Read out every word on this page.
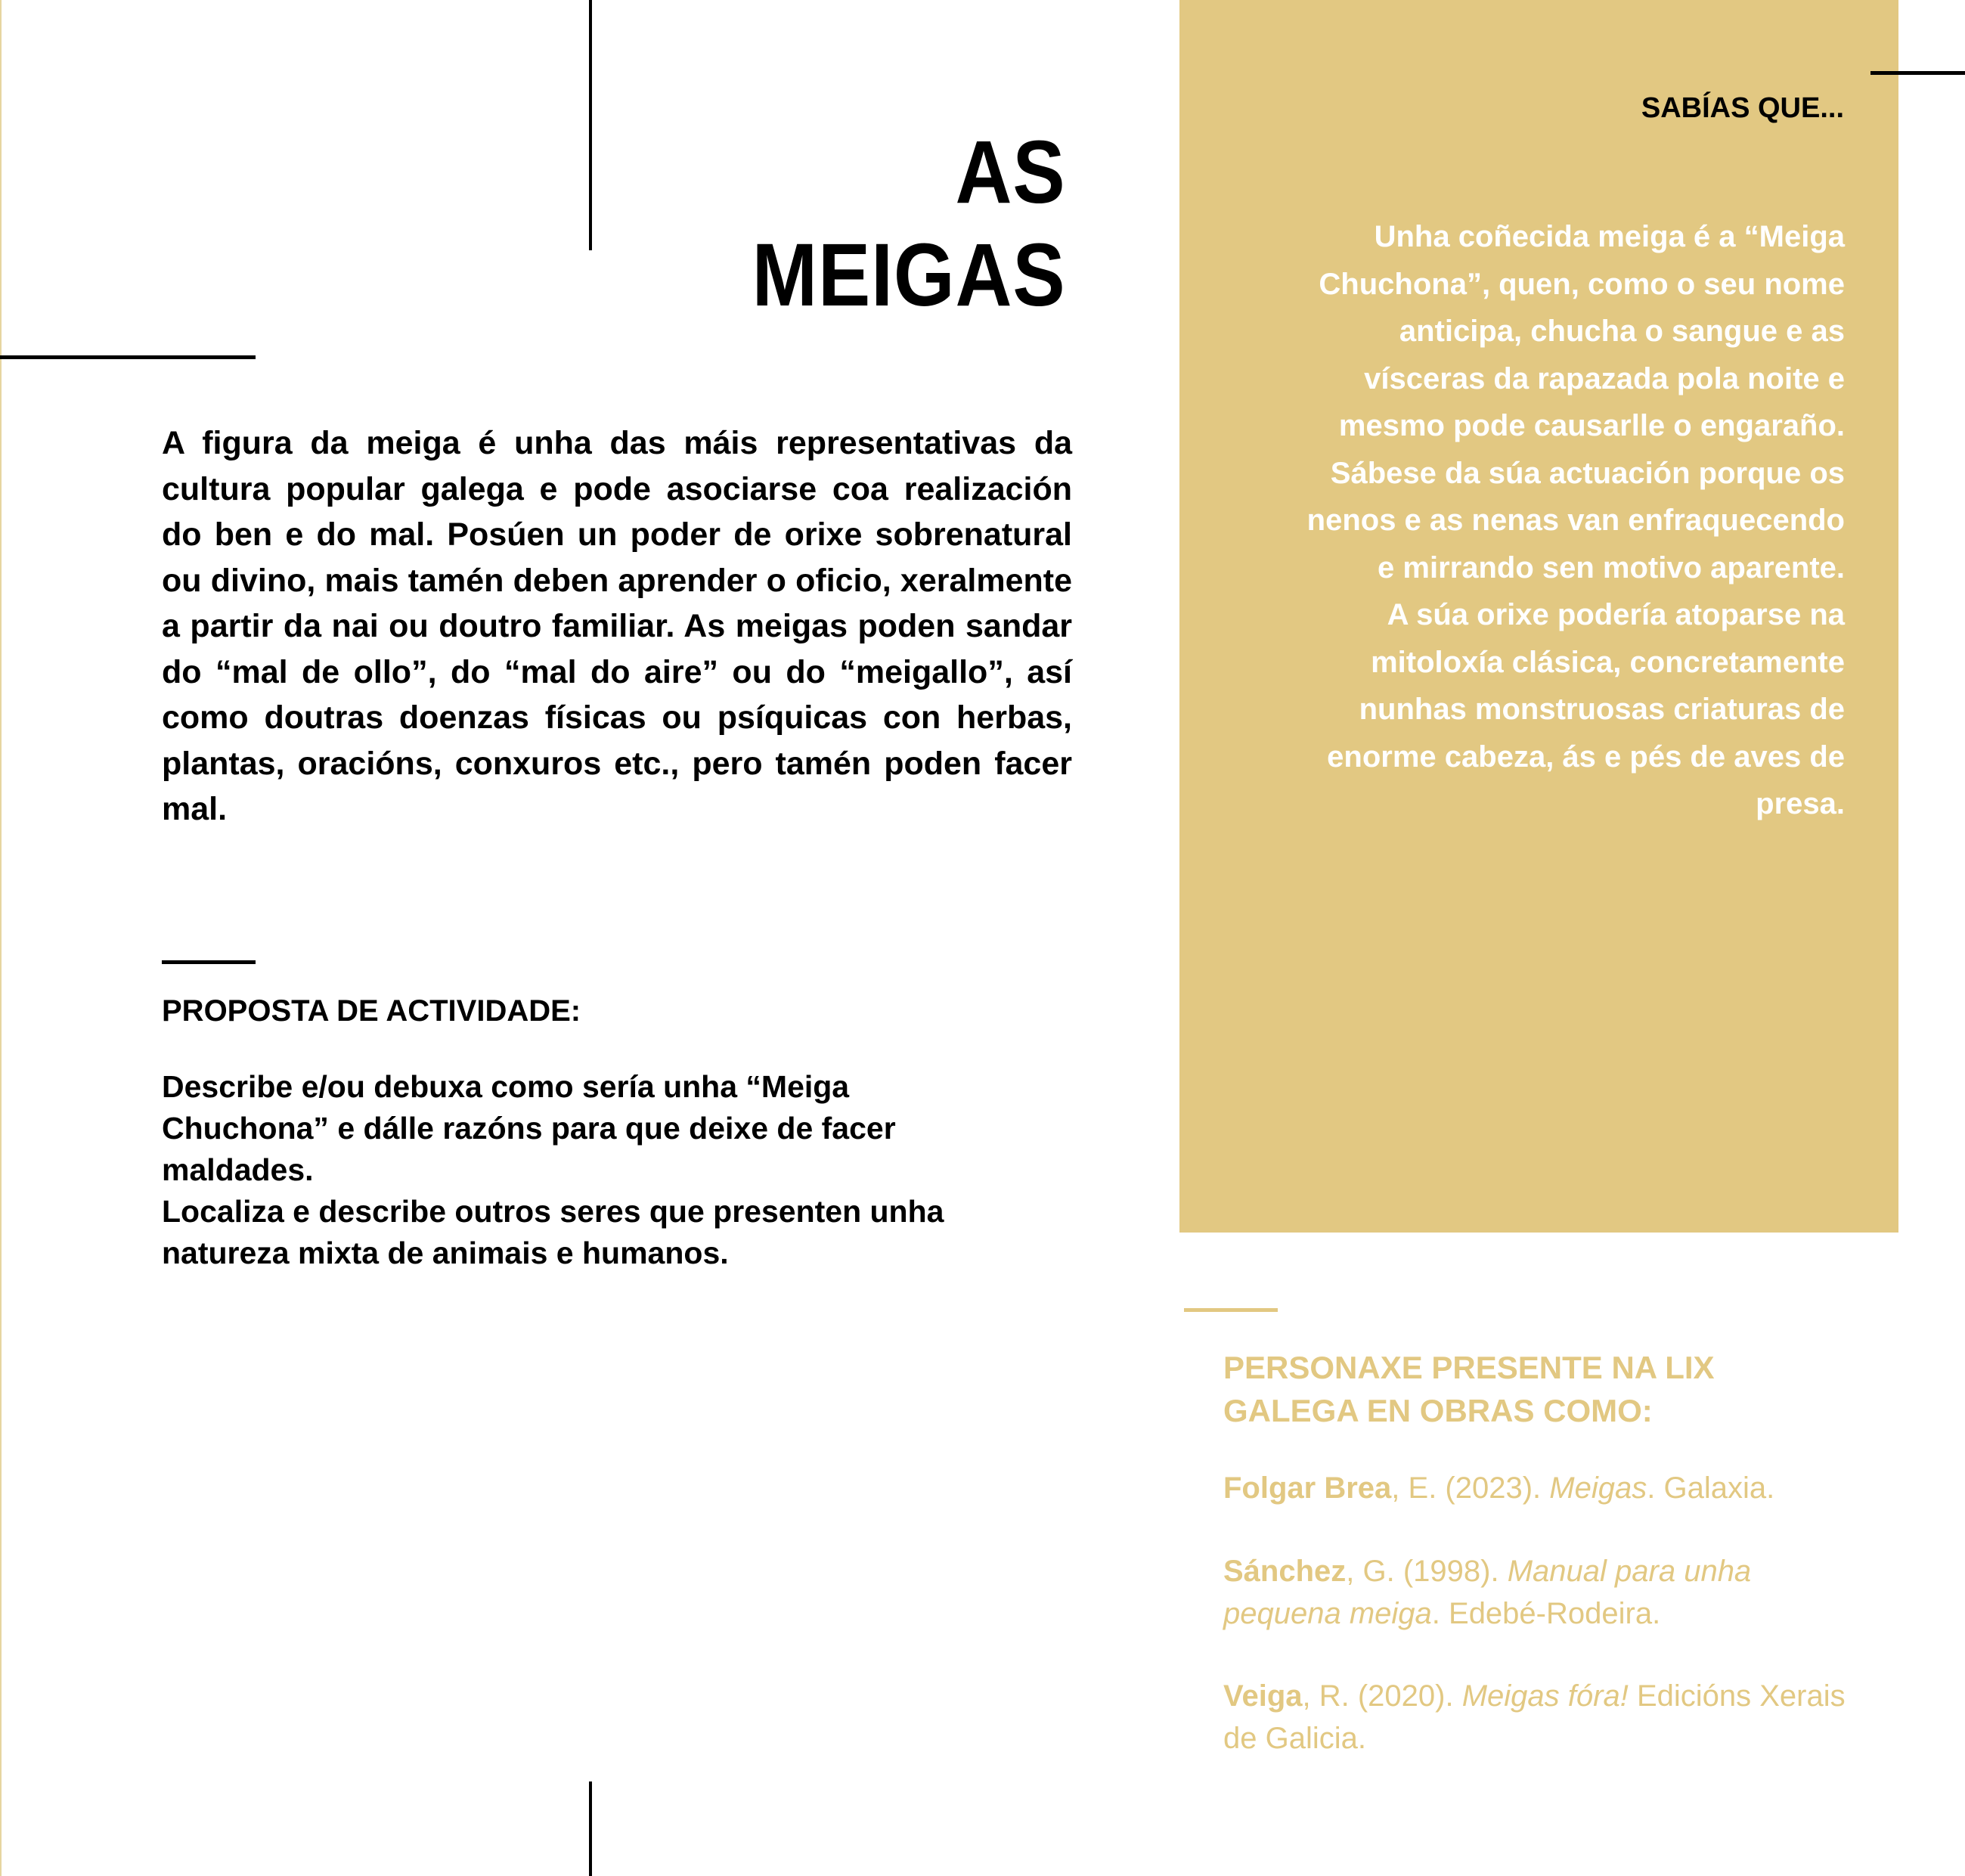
AS
MEIGAS
A figura da meiga é unha das máis representativas da cultura popular galega e pode asociarse coa realización do ben e do mal. Posúen un poder de orixe sobrenatural ou divino, mais tamén deben aprender o oficio, xeralmente a partir da nai ou doutro familiar. As meigas poden sandar do “mal de ollo”, do “mal do aire” ou do “meigallo”, así como doutras doenzas físicas ou psíquicas con herbas, plantas, oracións, conxuros etc., pero tamén poden facer mal.
PROPOSTA DE ACTIVIDADE:
Describe e/ou debuxa como sería unha “Meiga
Chuchona” e dálle razóns para que deixe de facer
maldades.
Localiza e describe outros seres que presenten unha
natureza mixta de animais e humanos.
SABÍAS QUE...
Unha coñecida meiga é a “Meiga
Chuchona”, quen, como o seu nome
anticipa, chucha o sangue e as
vísceras da rapazada pola noite e
mesmo pode causarlle o engaraño.
Sábese da súa actuación porque os
nenos e as nenas van enfraquecendo
e mirrando sen motivo aparente.
A súa orixe podería atoparse na
mitoloxía clásica, concretamente
nunhas monstruosas criaturas de
enorme cabeza, ás e pés de aves de
presa.
PERSONAXE PRESENTE NA LIX
GALEGA EN OBRAS COMO:
Folgar Brea, E. (2023). Meigas. Galaxia.
Sánchez, G. (1998). Manual para unha pequena meiga. Edebé-Rodeira.
Veiga, R. (2020). Meigas fóra! Edicións Xerais de Galicia.
